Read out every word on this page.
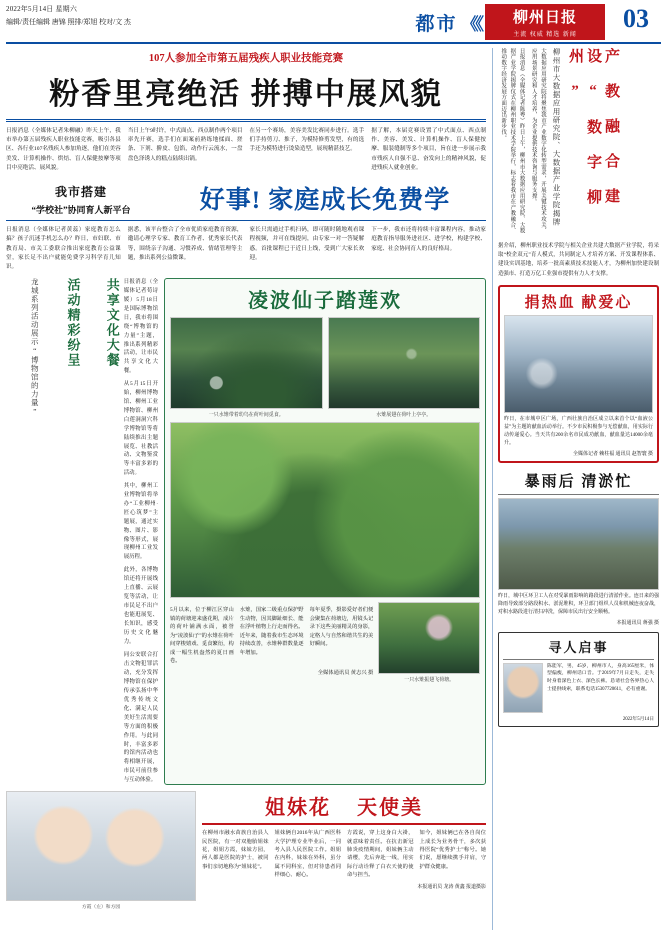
2022年5月14日 星期六
编辑/责任编辑 唐锦 照排/郑旭 校对/文 杰	都市 《《 柳州日报
主流 权威 精选 新闻
03
107人参加全市第五届残疾人职业技能竞赛
粉香里亮绝活 拼搏中展风貌
日报消息（全媒体记者朱柳融）昨天上午，我市举办第五届残疾人职业技能竞赛，吸引各县区、各行业107名残疾人参加角逐，他们在美容美发、计算机操作、烘焙、盲人保健按摩等项目中亮绝活、展风貌。
当日上午9时许，中式面点、西点制作两个项目率先开赛，选手们在面案前熟练地揉面、搓条、下剂、擀皮、包馅，动作行云流水，一盘盘色泽诱人的糕点陆续出锅。
在另一个赛场，美容美发比赛同步进行。选手们手持剪刀、推子，为模特修剪发型，有的选手还为模特进行烫染造型，展现精湛技艺。
据了解，本届竞赛设置了中式面点、西点制作、美容、美发、计算机操作、盲人保健按摩、服装缝制等多个项目，旨在进一步展示我市残疾人自强不息、奋发向上的精神风貌，促进残疾人就业创业。
我市搭建
“学校社”协同育人新平台	好事! 家庭成长免费学
日报消息（全媒体记者黄蕊）家庭教育怎么搞？孩子沉迷手机怎么办？昨日，市妇联、市教育局、市关工委联合推出家庭教育公益课堂，家长足不出户就能免费学习科学育儿知识。
据悉，该平台整合了全市优质家庭教育资源，邀请心理学专家、教育工作者、优秀家长代表等，围绕亲子沟通、习惯养成、情绪管理等主题，推出系列公益微课。
家长只需通过手机扫码，即可随时随地观看课程视频，并可在线提问，由专家一对一答疑解惑。首批课程已于近日上线，受到广大家长欢迎。
下一步，我市还将持续丰富课程内容，推动家庭教育指导服务进社区、进学校，构建学校、家庭、社会协同育人的良好格局。
龙城系列活动展示“博物馆的力量”	活动精彩纷呈	共享文化大餐 日报消息（全媒体记者荀诗媛）5月18日是国际博物馆日，我市将围绕“博物馆的力量”主题，推出系列精彩活动，让市民共享文化大餐。
从5月15日开始，柳州博物馆、柳州工业博物馆、柳州白莲洞洞穴科学博物馆等将陆续推出主题展览、社教活动、文物鉴赏等丰富多彩的活动。
其中，柳州工业博物馆将举办“工业柳州·匠心筑梦”主题展，通过实物、图片、影像等形式，展现柳州工业发展历程。
此外，各博物馆还将开展线上直播、云展览等活动，让市民足不出户也能逛展览、长知识，感受历史文化魅力。
同公安联合打击文物犯罪活动，充分发挥博物馆在保护传承弘扬中华优秀传统文化、满足人民美好生活需要等方面的积极作用。与此同时，丰富多彩的馆内活动也将相继开展，市民可前往参与互动体验。
凌波仙子踏莲欢
一只水雉带着幼鸟在荷叶间觅食。	水雉展翅在荷叶上亭亭。
5月以来，位于柳江区穿山镇的荷塘迎来盛花期，成片的荷叶铺满水面，被誉为“凌波仙子”的水雉在荷叶间穿梭嬉戏、觅食繁衍，构成一幅生机盎然的夏日画卷。
水雉，国家二级重点保护野生动物，因其脚趾细长、能在浮叶植物上行走而得名。近年来，随着我市生态环境持续改善，水雉种群数量逐年增加。
每年夏季，摄影爱好者们便会聚集在荷塘边，用镜头记录下这些美丽精灵的身影，定格人与自然和谐共生的美好瞬间。
全媒体通讯员 黄志兴 摄
一只水雉振翅飞荷塘。
方霞（左）和方园
姐妹花 天使美
在柳州市融水苗族自治县人民医院，有一对双胞胎姐妹花，姐姐方霞，妹妹方园，两人都是医院的护士，被同事们亲切地称为“姐妹花”。
姐妹俩自2016年从广西医科大学护理专业毕业后，一同考入县人民医院工作。姐姐在内科，妹妹在外科，虽分属不同科室，但对待患者同样细心、耐心。
方霞说，穿上这身白大褂，就意味着责任。在抗击新冠肺炎疫情期间，姐妹俩主动请缨，先后奔赴一线，用实际行动诠释了白衣天使的使命与担当。
如今，姐妹俩已在各自岗位上成长为业务骨干，多次获得医院“优秀护士”称号。她们说，愿继续携手并肩，守护群众健康。
本报通讯员 龙涛 黄鑫 报道摄影
日报消息（全媒体记者陈粤）昨日上午，柳州市大数据应用研究院、大数据产业学院揭牌仪式在柳州职业技术学院举行，标志着我市在产教融合、推动数字经济发展方面迈出新步伐。	大数据应用研究院将聚焦我市产业数字化转型需求，开展关键技术攻关、应用场景研究和人才培养，为企业提供技术咨询与服务支撑。	柳州市大数据应用研究院、大数据产业学院揭牌	产 教 融 合 建 设 “ 数 字 柳 州 ”
据介绍，柳州职业技术学院与相关企业共建大数据产业学院，将采取“校企双元”育人模式，共同制定人才培养方案、开发课程体系、建设实训基地，培养一批高素质技术技能人才，为柳州加快建设制造强市、打造万亿工业强市提供有力人才支撑。
捐热血 献爱心
昨日，在市城中区广场，广西壮族自治区成立以来首个以“血液公益”为主题的献血活动举行。不少市民积极参与无偿献血，用实际行动传递爱心。当天共有200余名市民成功献血，献血量达14000余毫升。
全媒体记者 赖柱福 通讯员 赵智寰 摄
暴雨后 清淤忙
昨日，城中区环卫工人在对受暴雨影响的路段进行清淤作业。连日来的强降雨导致部分路段积水、淤泥堆积，环卫部门组织人员和机械连夜奋战，对积水路段进行清扫冲洗，保障市民出行安全顺畅。
本报通讯员 蒋强 摄
寻人启事
陈能军，男，45岁，柳州市人，身高165厘米，体型偏瘦，柳州话口音。于2019年7月日走失，走失时身着深色上衣、深色长裤。恳请社会各界热心人士提供线索，联系电话15307720611，必有重谢。
2022年5月14日
